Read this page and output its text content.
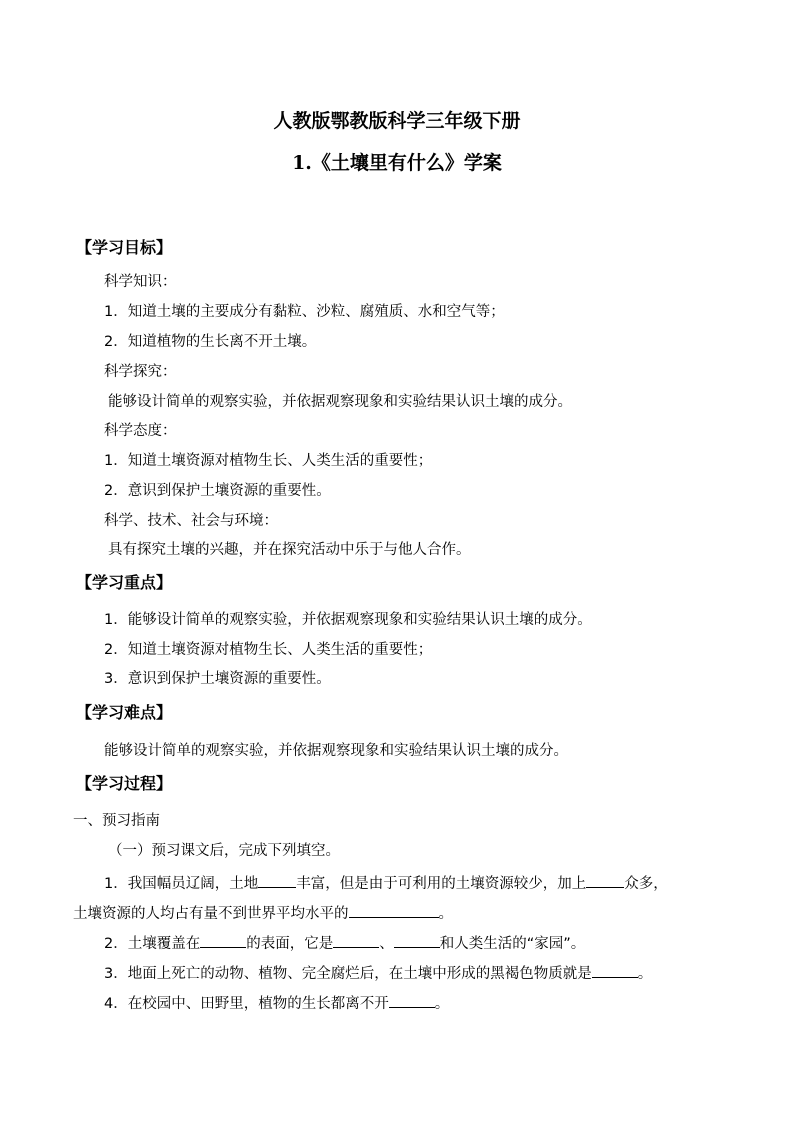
人教版鄂教版科学三年级下册
1.《土壤里有什么》学案
【学习目标】
科学知识：
1．知道土壤的主要成分有黏粒、沙粒、腐殖质、水和空气等；
2．知道植物的生长离不开土壤。
科学探究：
能够设计简单的观察实验，并依据观察现象和实验结果认识土壤的成分。
科学态度：
1．知道土壤资源对植物生长、人类生活的重要性；
2．意识到保护土壤资源的重要性。
科学、技术、社会与环境：
具有探究土壤的兴趣，并在探究活动中乐于与他人合作。
【学习重点】
1．能够设计简单的观察实验，并依据观察现象和实验结果认识土壤的成分。
2．知道土壤资源对植物生长、人类生活的重要性；
3．意识到保护土壤资源的重要性。
【学习难点】
能够设计简单的观察实验，并依据观察现象和实验结果认识土壤的成分。
【学习过程】
一、预习指南
（一）预习课文后，完成下列填空。
1．我国幅员辽阔，土地	丰富，但是由于可利用的土壤资源较少，加上	众多，
土壤资源的人均占有量不到世界平均水平的	。
2．土壤覆盖在	的表面，它是	、	和人类生活的“家园”。
3．地面上死亡的动物、植物、完全腐烂后，在土壤中形成的黑褐色物质就是	。
4．在校园中、田野里，植物的生长都离不开	。
